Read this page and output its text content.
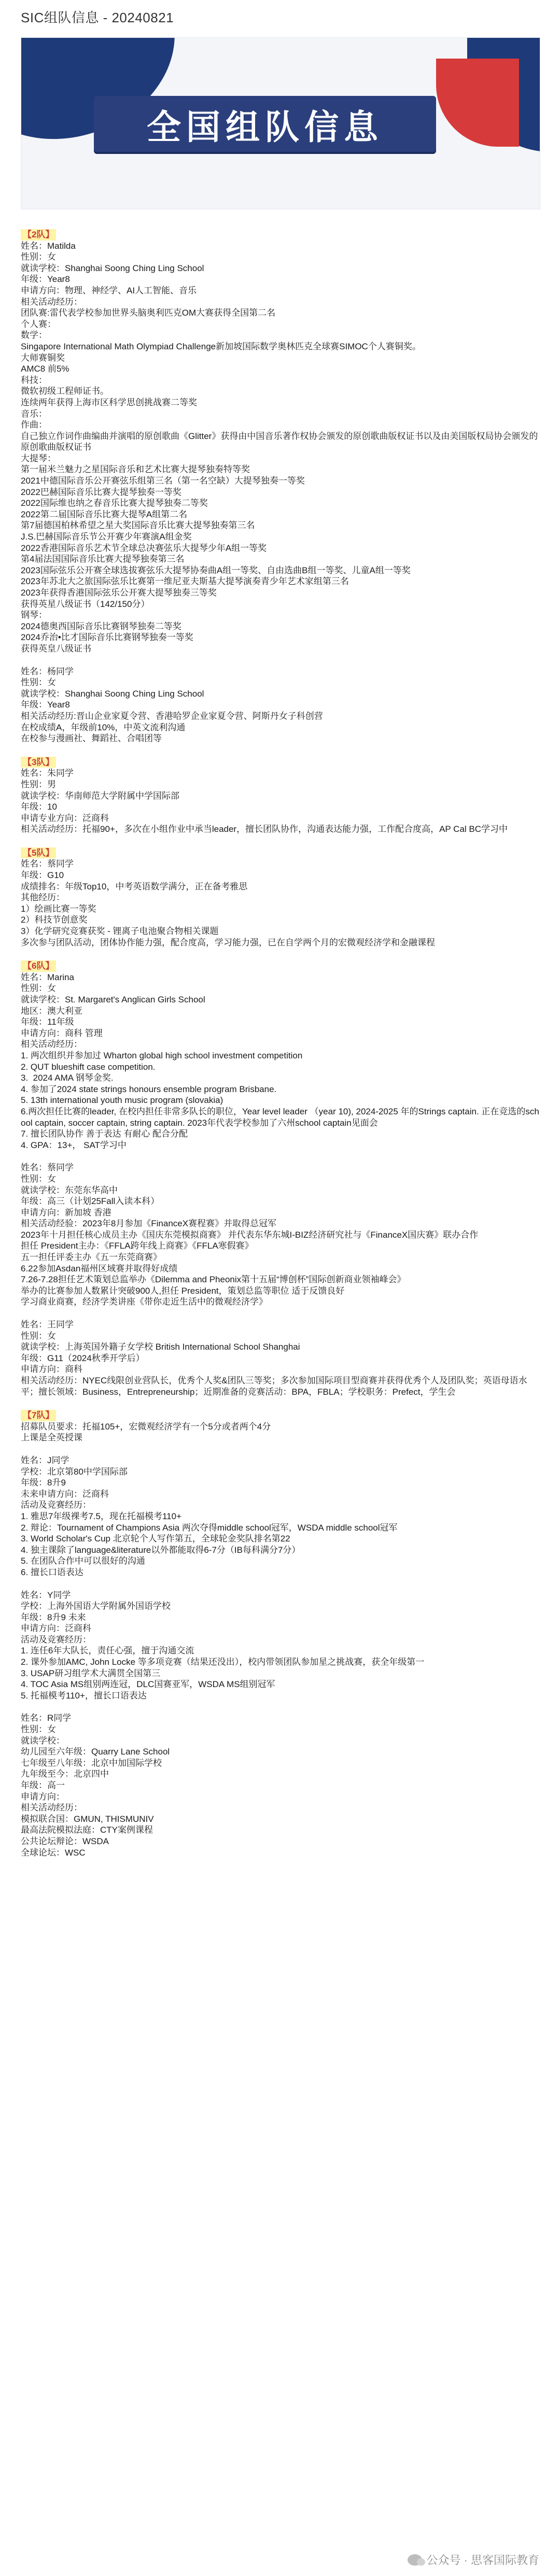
SIC组队信息 - 20240821
全国组队信息
【2队】
姓名：Matilda
性别：女
就读学校：Shanghai Soong Ching Ling School
年级：Year8
申请方向：物理、神经学、AI人工智能、音乐
相关活动经历：
团队赛:雷代表学校参加世界头脑奥利匹克OM大赛获得全国第二名
个人赛：
数学：
Singapore International Math Olympiad Challenge新加坡国际数学奥林匹克全球赛SIMOC个人赛铜奖。
大师赛铜奖
AMC8 前5%
科技：
微软初级工程师证书。
连续两年获得上海市区科学思创挑战赛二等奖
音乐：
作曲：
自己独立作词作曲编曲并演唱的原创歌曲《Glitter》获得由中国音乐著作权协会颁发的原创歌曲版权证书以及由美国版权局协会颁发的原创歌曲版权证书
大提琴：
第一届米兰魅力之星国际音乐和艺术比赛大提琴独奏特等奖
2021中德国际音乐公开赛弦乐组第三名（第一名空缺）大提琴独奏一等奖
2022巴赫国际音乐比赛大提琴独奏一等奖
2022国际维也纳之春音乐比赛大提琴独奏二等奖
2022第二届国际音乐比赛大提琴A组第二名
第7届德国柏林希望之星大奖国际音乐比赛大提琴独奏第三名
J.S.巴赫国际音乐节公开赛少年赛演A组金奖
2022香港国际音乐艺术节全球总决赛弦乐大提琴少年A组一等奖
第4届法国国际音乐比赛大提琴独奏第三名
2023国际弦乐公开赛全球选拔赛弦乐大提琴协奏曲A组一等奖、自由选曲B组一等奖、儿童A组一等奖
2023年苏北大之旅国际弦乐比赛第一维尼亚夫斯基大提琴演奏青少年艺术家组第三名
2023年获得香港国际弦乐公开赛大提琴独奏三等奖
获得英星八级证书（142/150分）
钢琴：
2024德奥西国际音乐比赛钢琴独奏二等奖
2024乔治•比才国际音乐比赛钢琴独奏一等奖
获得英皇八级证书
姓名：杨同学
性别：女
就读学校：Shanghai Soong Ching Ling School
年级：Year8
相关活动经历:晋山企业家夏令营、香港哈罗企业家夏令营、阿斯丹女子科创营
在校成绩A，年级前10%，中英文流利沟通
在校参与漫画社、舞蹈社、合唱团等
【3队】
姓名：朱同学
性别：男
就读学校：华南师范大学附属中学国际部
年级：10
申请专业方向：泛商科
相关活动经历：托福90+，多次在小组作业中承当leader，擅长团队协作，沟通表达能力强，工作配合度高，AP Cal BC学习中
【5队】
姓名：蔡同学
年级：G10
成绩排名：年级Top10，中考英语数学满分，正在备考雅思
其他经历：
1）绘画比赛一等奖
2）科技节创意奖
3）化学研究竞赛获奖 - 锂离子电池聚合物相关课题
多次参与团队活动，团体协作能力强，配合度高，学习能力强，已在自学两个月的宏微观经济学和金融课程
【6队】
姓名：Marina
性别：女
就读学校：St. Margaret's Anglican Girls School
地区：澳大利亚
年级：11年级
申请方向：商科 管理
相关活动经历：
1. 两次组织并参加过 Wharton global high school investment competition
2. QUT blueshift case competition.
3.  2024 AMA 钢琴金奖.
4. 参加了2024 state strings honours ensemble program Brisbane.
5. 13th international youth music program (slovakia)
6.两次担任比赛的leader, 在校内担任非常多队长的职位，Year level leader （year 10), 2024-2025 年的Strings captain. 正在竞选的school captain, soccer captain, string captain. 2023年代表学校参加了六州school captain见面会
7. 擅长团队协作 善于表达 有耐心 配合分配
4. GPA：13+， SAT学习中
姓名：蔡同学
性别：女
就读学校：东莞东华高中
年级：高三（计划25Fall入读本科）
申请方向：新加坡 香港
相关活动经验：2023年8月参加《FinanceX赛程赛》并取得总冠军
2023年十月担任核心成员主办《国庆东莞模拟商赛》 并代表东华东城I-BIZ经济研究社与《FinanceX国庆赛》联办合作
担任 President主办：《FFLA跨年线上商赛》《FFLA寒假赛》
五一担任评委主办《五一东莞商赛》
6.22参加Asdan福州区域赛并取得好成绩
7.26-7.28担任艺术策划总监举办《Dilemma and Pheonix第十五届“博创杯”国际创新商业领袖峰会》
举办的比赛参加人数累计突破900人,担任 President，策划总监等职位 适于反馈良好
学习商业商赛，经济学类讲座《带你走近生活中的微观经济学》
姓名：王同学
性别：女
就读学校：上海英国外籍子女学校 British International School Shanghai
年级：G11（2024秋季开学后）
申请方向：商科
相关活动经历：NYEC线限创业营队长，优秀个人奖&团队三等奖；多次参加国际项目型商赛并获得优秀个人及团队奖；英语母语水平；擅长领域：Business，Entrepreneurship；近期准备的竞赛活动：BPA，FBLA；学校职务：Prefect，学生会
【7队】
招募队员要求：托福105+，宏微观经济学有一个5分或者两个4分
上课是全英授课
姓名：J同学
学校：北京第80中学国际部
年级：8升9
未来申请方向：泛商科
活动及竞赛经历：
1. 雅思7年级裸考7.5，现在托福模考110+
2. 辩论：Tournament of Champions Asia 两次夺得middle school冠军，WSDA middle school冠军
3. World Scholar's Cup 北京轮个人写作第五，全球轮金奖队排名第22
4. 独主课除了language&literature以外都能取得6-7分（IB每科满分7分）
5. 在团队合作中可以很好的沟通
6. 擅长口语表达
姓名：Y同学
学校：上海外国语大学附属外国语学校
年级：8升9 未来
申请方向：泛商科
活动及竞赛经历：
1. 连任6年大队长，责任心强，擅于沟通交流
2. 课外参加AMC, John Locke 等多项竞赛（结果还没出），校内带领团队参加星之挑战赛，获全年级第一
3. USAP研习组学术大满贯全国第三
4. TOC Asia MS组别两连冠，DLC国赛亚军，WSDA MS组别冠军
5. 托福模考110+，擅长口语表达
姓名：R同学
性别：女
就读学校：
幼儿园至六年级：Quarry Lane School
七年级至八年级：北京中加国际学校
九年级至今：北京四中
年级：高一
申请方向：
相关活动经历：
模拟联合国：GMUN, THISMUNIV
最高法院模拟法庭：CTY案例课程
公共论坛辩论：WSDA
全球论坛：WSC
公众号 · 思客国际教育
